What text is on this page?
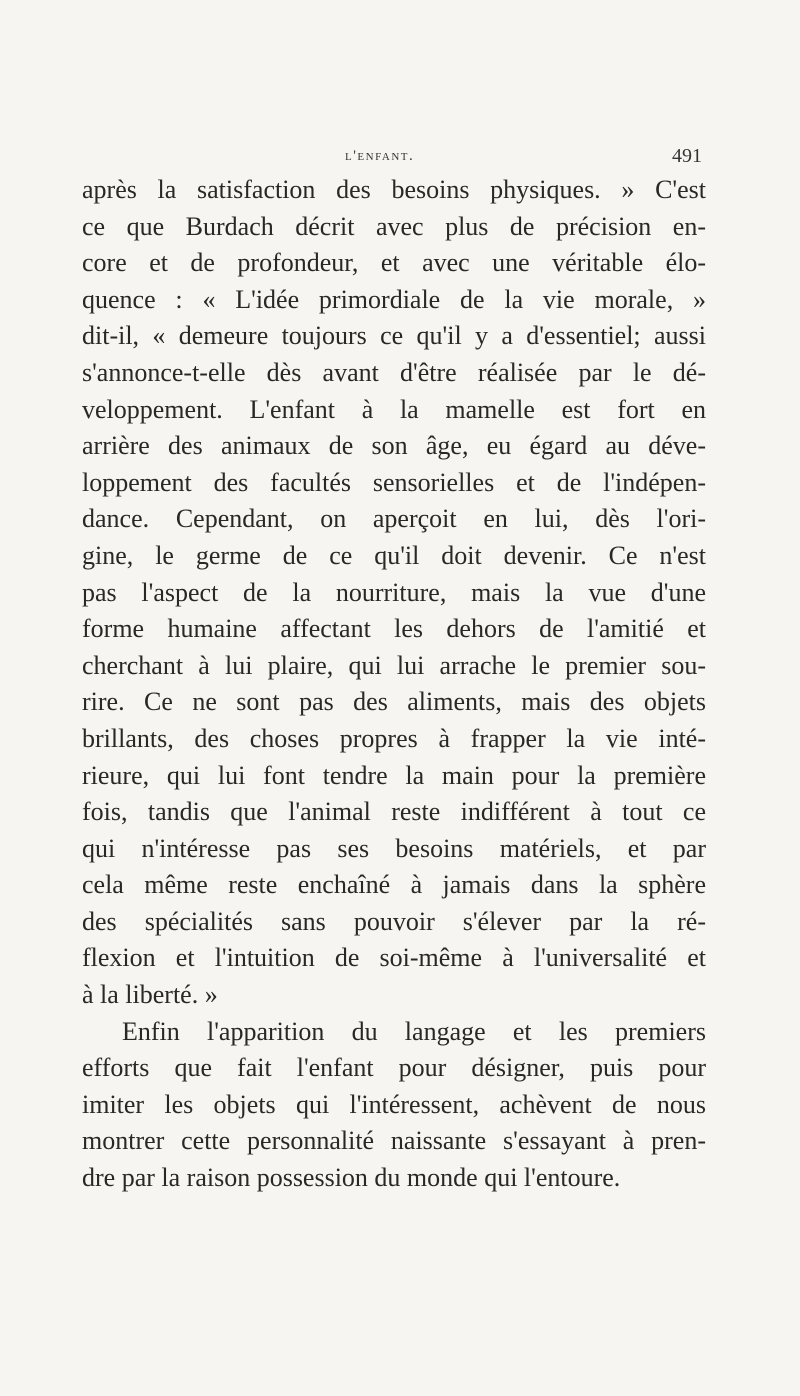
l'enfant.	491
après la satisfaction des besoins physiques. » C'est
ce que Burdach décrit avec plus de précision en-
core et de profondeur, et avec une véritable élo-
quence : « L'idée primordiale de la vie morale, »
dit-il, « demeure toujours ce qu'il y a d'essentiel; aussi
s'annonce-t-elle dès avant d'être réalisée par le dé-
veloppement. L'enfant à la mamelle est fort en
arrière des animaux de son âge, eu égard au déve-
loppement des facultés sensorielles et de l'indépen-
dance. Cependant, on aperçoit en lui, dès l'ori-
gine, le germe de ce qu'il doit devenir. Ce n'est
pas l'aspect de la nourriture, mais la vue d'une
forme humaine affectant les dehors de l'amitié et
cherchant à lui plaire, qui lui arrache le premier sou-
rire. Ce ne sont pas des aliments, mais des objets
brillants, des choses propres à frapper la vie inté-
rieure, qui lui font tendre la main pour la première
fois, tandis que l'animal reste indifférent à tout ce
qui n'intéresse pas ses besoins matériels, et par
cela même reste enchaîné à jamais dans la sphère
des spécialités sans pouvoir s'élever par la ré-
flexion et l'intuition de soi-même à l'universalité et
à la liberté. »
Enfin l'apparition du langage et les premiers
efforts que fait l'enfant pour désigner, puis pour
imiter les objets qui l'intéressent, achèvent de nous
montrer cette personnalité naissante s'essayant à pren-
dre par la raison possession du monde qui l'entoure.
